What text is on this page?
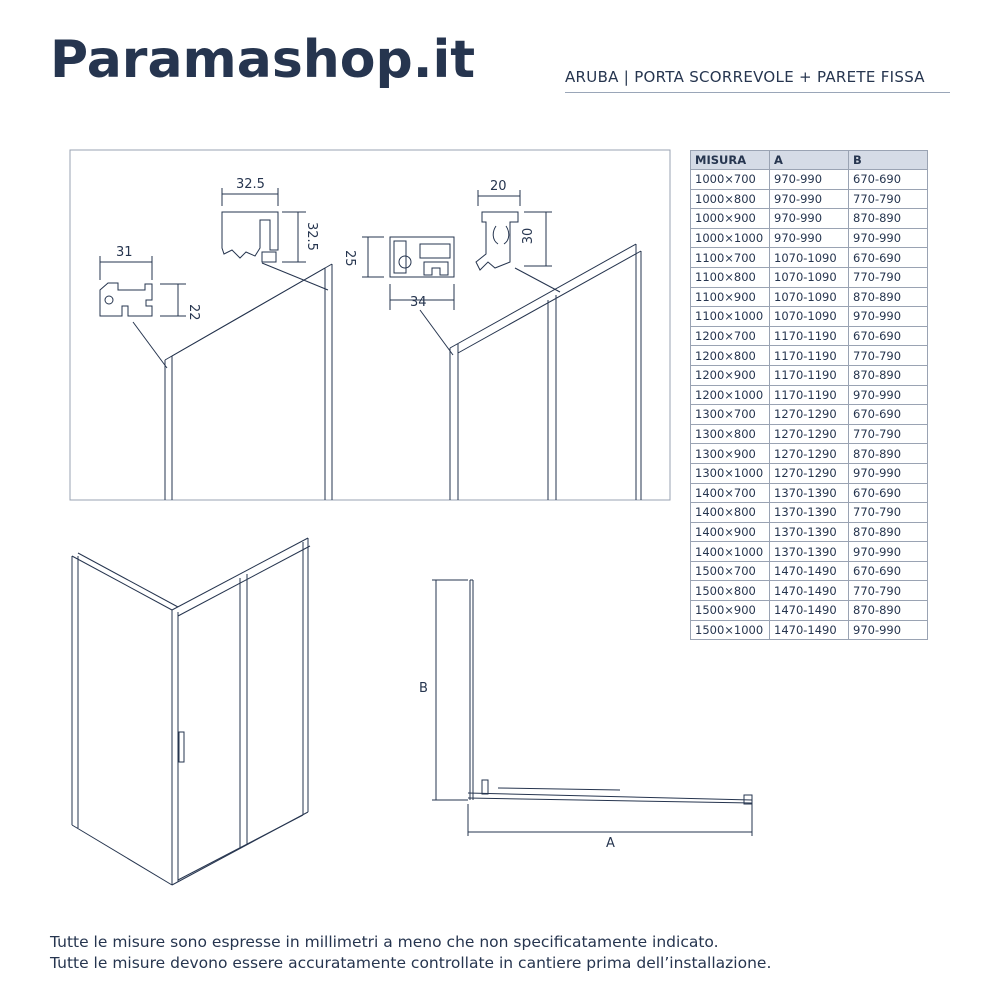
Paramashop.it	ARUBA | PORTA SCORREVOLE + PARETE FISSA
31
22
32.5
32.5
25
34
20
30
B
A
MISURA	A	B
1000×700	970-990	670-690
1000×800	970-990	770-790
1000×900	970-990	870-890
1000×1000	970-990	970-990
1100×700	1070-1090	670-690
1100×800	1070-1090	770-790
1100×900	1070-1090	870-890
1100×1000	1070-1090	970-990
1200×700	1170-1190	670-690
1200×800	1170-1190	770-790
1200×900	1170-1190	870-890
1200×1000	1170-1190	970-990
1300×700	1270-1290	670-690
1300×800	1270-1290	770-790
1300×900	1270-1290	870-890
1300×1000	1270-1290	970-990
1400×700	1370-1390	670-690
1400×800	1370-1390	770-790
1400×900	1370-1390	870-890
1400×1000	1370-1390	970-990
1500×700	1470-1490	670-690
1500×800	1470-1490	770-790
1500×900	1470-1490	870-890
1500×1000	1470-1490	970-990
Tutte le misure sono espresse in millimetri a meno che non specificatamente indicato.
Tutte le misure devono essere accuratamente controllate in cantiere prima dell’installazione.
